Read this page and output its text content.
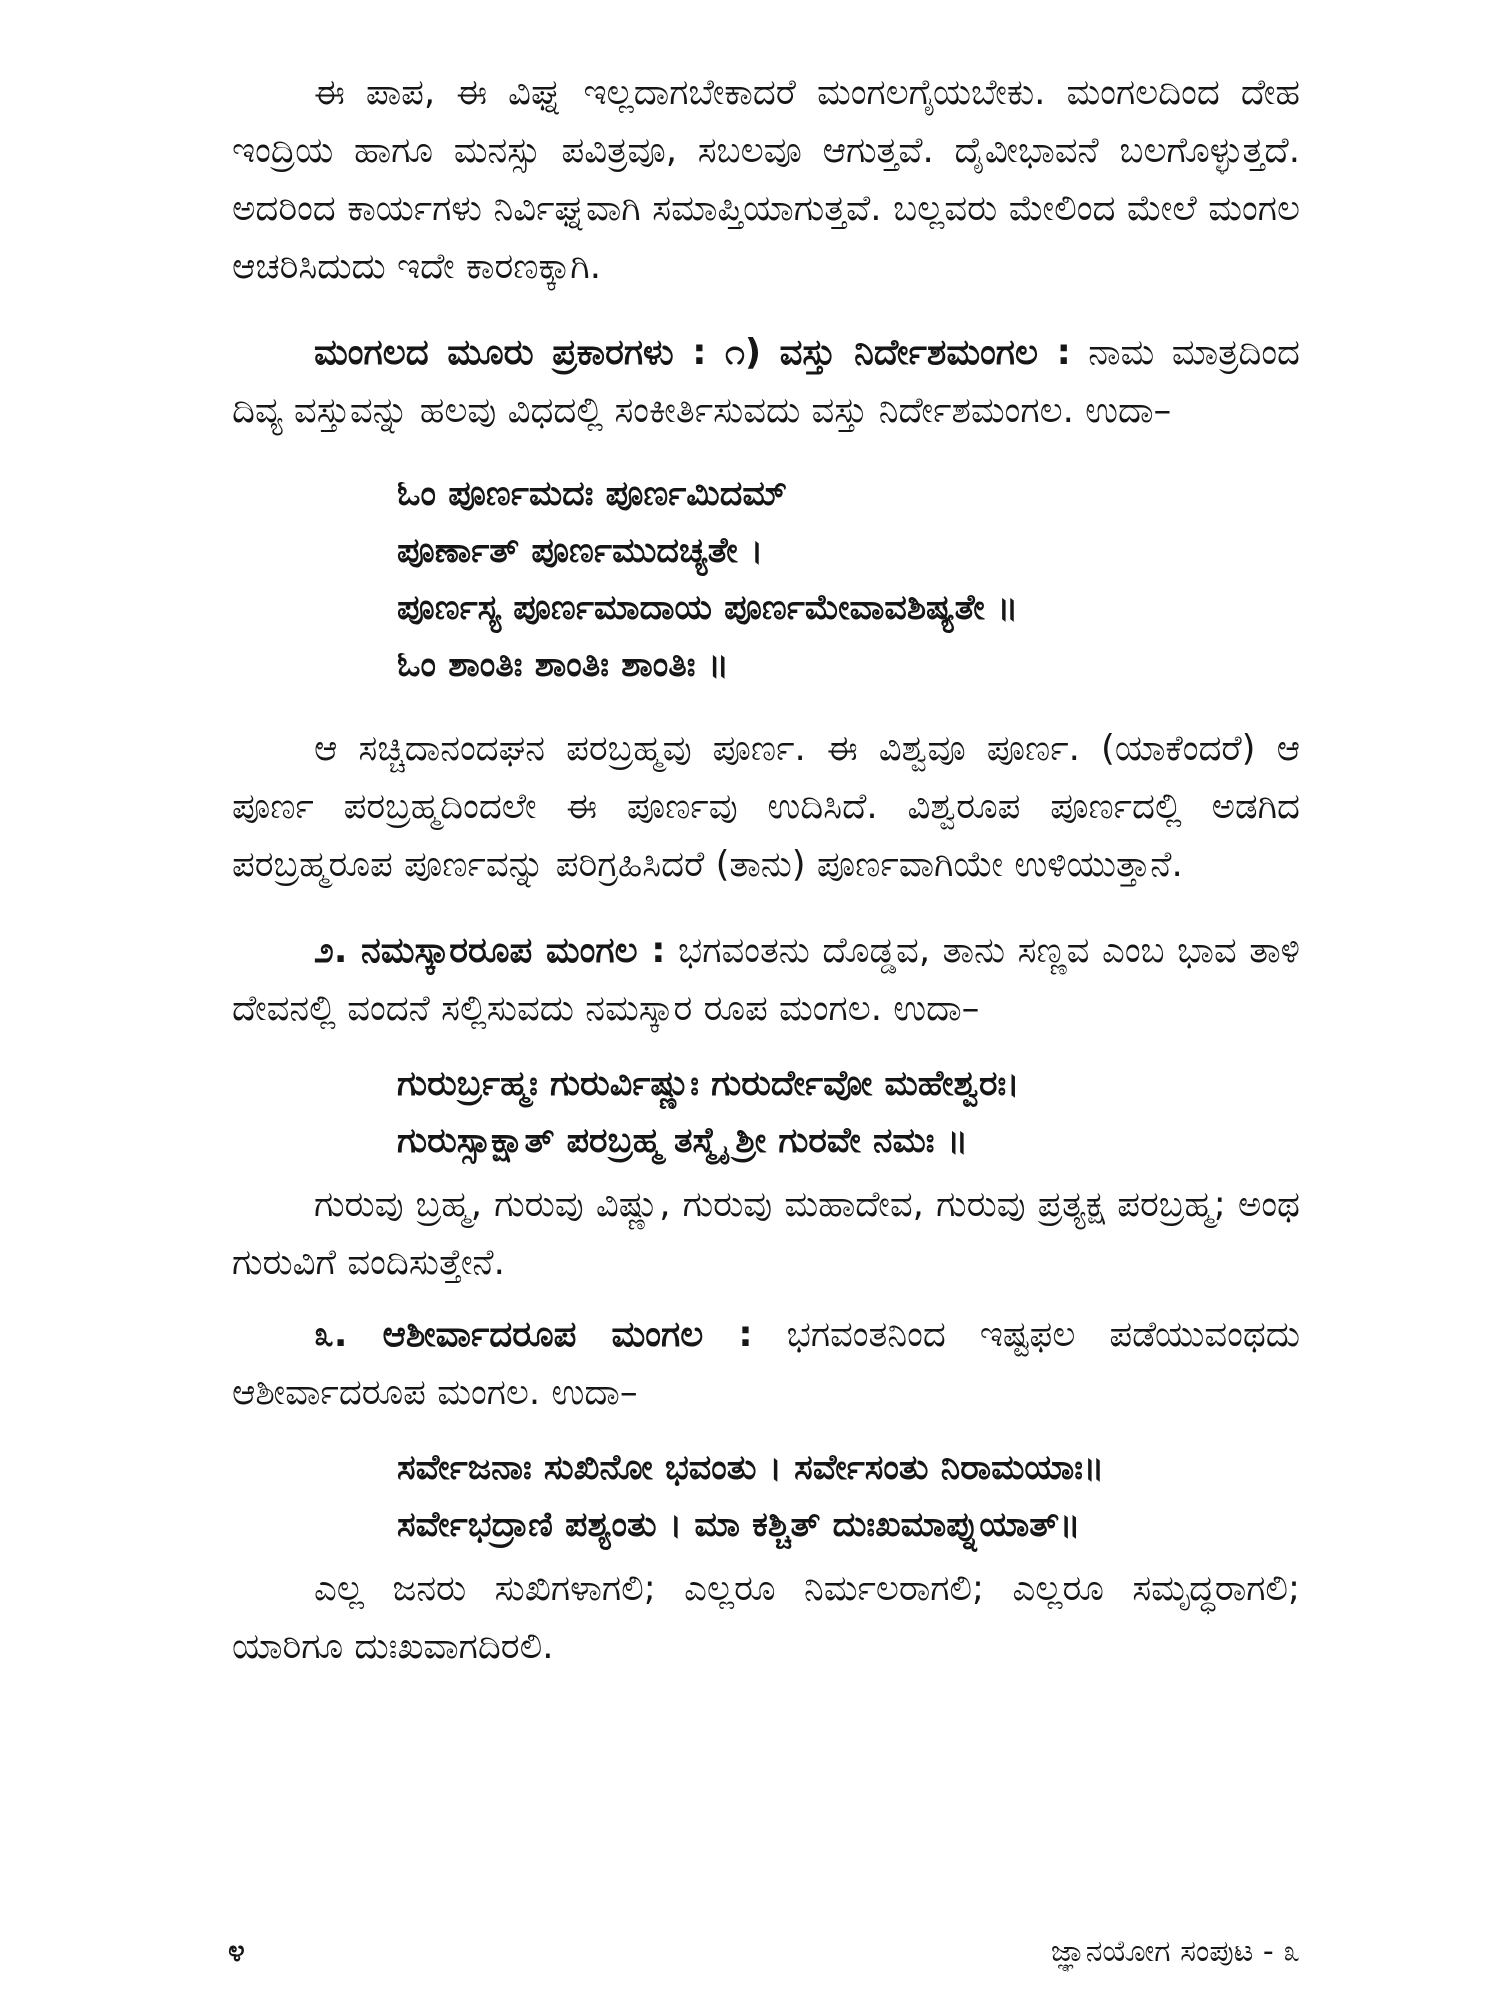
ಈ ಪಾಪ, ಈ ವಿಘ್ನ ಇಲ್ಲದಾಗಬೇಕಾದರೆ ಮಂಗಲಗೈಯಬೇಕು. ಮಂಗಲದಿಂದ ದೇಹ ಇಂದ್ರಿಯ ಹಾಗೂ ಮನಸ್ಸು ಪವಿತ್ರವೂ, ಸಬಲವೂ ಆಗುತ್ತವೆ. ದೈವೀಭಾವನೆ ಬಲಗೊಳ್ಳುತ್ತದೆ. ಅದರಿಂದ ಕಾರ್ಯಗಳು ನಿರ್ವಿಘ್ನವಾಗಿ ಸಮಾಪ್ತಿಯಾಗುತ್ತವೆ. ಬಲ್ಲವರು ಮೇಲಿಂದ ಮೇಲೆ ಮಂಗಲ ಆಚರಿಸಿದುದು ಇದೇ ಕಾರಣಕ್ಕಾಗಿ.

ಮಂಗಲದ ಮೂರು ಪ್ರಕಾರಗಳು : ೧) ವಸ್ತು ನಿರ್ದೇಶಮಂಗಲ : ನಾಮ ಮಾತ್ರದಿಂದ ದಿವ್ಯ ವಸ್ತುವನ್ನು ಹಲವು ವಿಧದಲ್ಲಿ ಸಂಕೀರ್ತಿಸುವದು ವಸ್ತು ನಿರ್ದೇಶಮಂಗಲ. ಉದಾ–

ಓಂ ಪೂರ್ಣಮದಃ ಪೂರ್ಣಮಿದಮ್
ಪೂರ್ಣಾತ್ ಪೂರ್ಣಮುದಚ್ಯತೇ ।
ಪೂರ್ಣಸ್ಯ ಪೂರ್ಣಮಾದಾಯ ಪೂರ್ಣಮೇವಾವಶಿಷ್ಯತೇ ॥
ಓಂ ಶಾಂತಿಃ ಶಾಂತಿಃ ಶಾಂತಿಃ ॥

ಆ ಸಚ್ಚಿದಾನಂದಘನ ಪರಬ್ರಹ್ಮವು ಪೂರ್ಣ. ಈ ವಿಶ್ವವೂ ಪೂರ್ಣ. (ಯಾಕೆಂದರೆ) ಆ ಪೂರ್ಣ ಪರಬ್ರಹ್ಮದಿಂದಲೇ ಈ ಪೂರ್ಣವು ಉದಿಸಿದೆ. ವಿಶ್ವರೂಪ ಪೂರ್ಣದಲ್ಲಿ ಅಡಗಿದ ಪರಬ್ರಹ್ಮರೂಪ ಪೂರ್ಣವನ್ನು ಪರಿಗ್ರಹಿಸಿದರೆ (ತಾನು) ಪೂರ್ಣವಾಗಿಯೇ ಉಳಿಯುತ್ತಾನೆ.

೨. ನಮಸ್ಕಾರರೂಪ ಮಂಗಲ : ಭಗವಂತನು ದೊಡ್ಡವ, ತಾನು ಸಣ್ಣವ ಎಂಬ ಭಾವ ತಾಳಿ ದೇವನಲ್ಲಿ ವಂದನೆ ಸಲ್ಲಿಸುವದು ನಮಸ್ಕಾರ ರೂಪ ಮಂಗಲ. ಉದಾ–

ಗುರುರ್ಬ್ರಹ್ಮಃ ಗುರುರ್ವಿಷ್ಣುಃ ಗುರುರ್ದೇವೋ ಮಹೇಶ್ವರಃ।
ಗುರುಸ್ಸಾಕ್ಷಾತ್ ಪರಬ್ರಹ್ಮ ತಸ್ಮೈ ಶ್ರೀ ಗುರವೇ ನಮಃ ॥

ಗುರುವು ಬ್ರಹ್ಮ, ಗುರುವು ವಿಷ್ಣು, ಗುರುವು ಮಹಾದೇವ, ಗುರುವು ಪ್ರತ್ಯಕ್ಷ ಪರಬ್ರಹ್ಮ; ಅಂಥ ಗುರುವಿಗೆ ವಂದಿಸುತ್ತೇನೆ.

೩. ಆಶೀರ್ವಾದರೂಪ ಮಂಗಲ : ಭಗವಂತನಿಂದ ಇಷ್ಟಫಲ ಪಡೆಯುವಂಥದು ಆಶೀರ್ವಾದರೂಪ ಮಂಗಲ. ಉದಾ–

ಸರ್ವೇಜನಾಃ ಸುಖಿನೋ ಭವಂತು । ಸರ್ವೇಸಂತು ನಿರಾಮಯಾಃ॥
ಸರ್ವೇಭದ್ರಾಣಿ ಪಶ್ಯಂತು । ಮಾ ಕಶ್ಚಿತ್ ದುಃಖಮಾಪ್ನುಯಾತ್॥

ಎಲ್ಲ ಜನರು ಸುಖಿಗಳಾಗಲಿ; ಎಲ್ಲರೂ ನಿರ್ಮಲರಾಗಲಿ; ಎಲ್ಲರೂ ಸಮೃದ್ಧರಾಗಲಿ; ಯಾರಿಗೂ ದುಃಖವಾಗದಿರಲಿ.

೪	ಜ್ಞಾನಯೋಗ ಸಂಪುಟ - ೩
